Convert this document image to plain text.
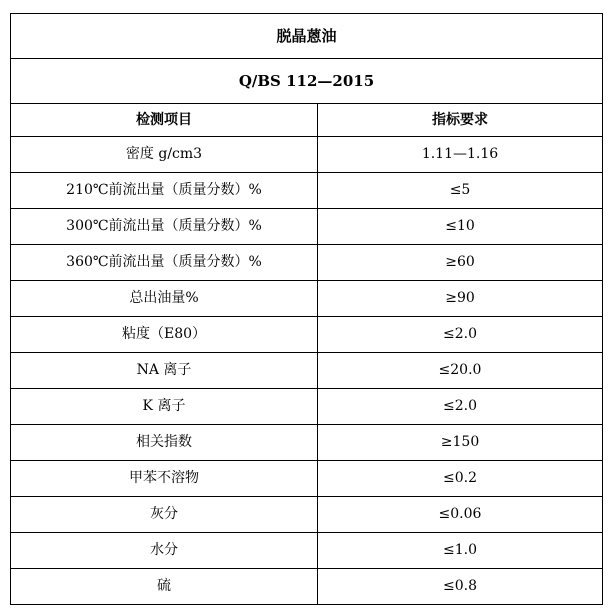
脱晶蒽油	
Q/BS 112—2015	
检测项目	指标要求
密度 g/cm3	1.11—1.16
210℃前流出量（质量分数）%	≤5
300℃前流出量（质量分数）%	≤10
360℃前流出量（质量分数）%	≥60
总出油量%	≥90
粘度（E80）	≤2.0
NA 离子	≤20.0
K 离子	≤2.0
相关指数	≥150
甲苯不溶物	≤0.2
灰分	≤0.06
水分	≤1.0
硫	≤0.8
